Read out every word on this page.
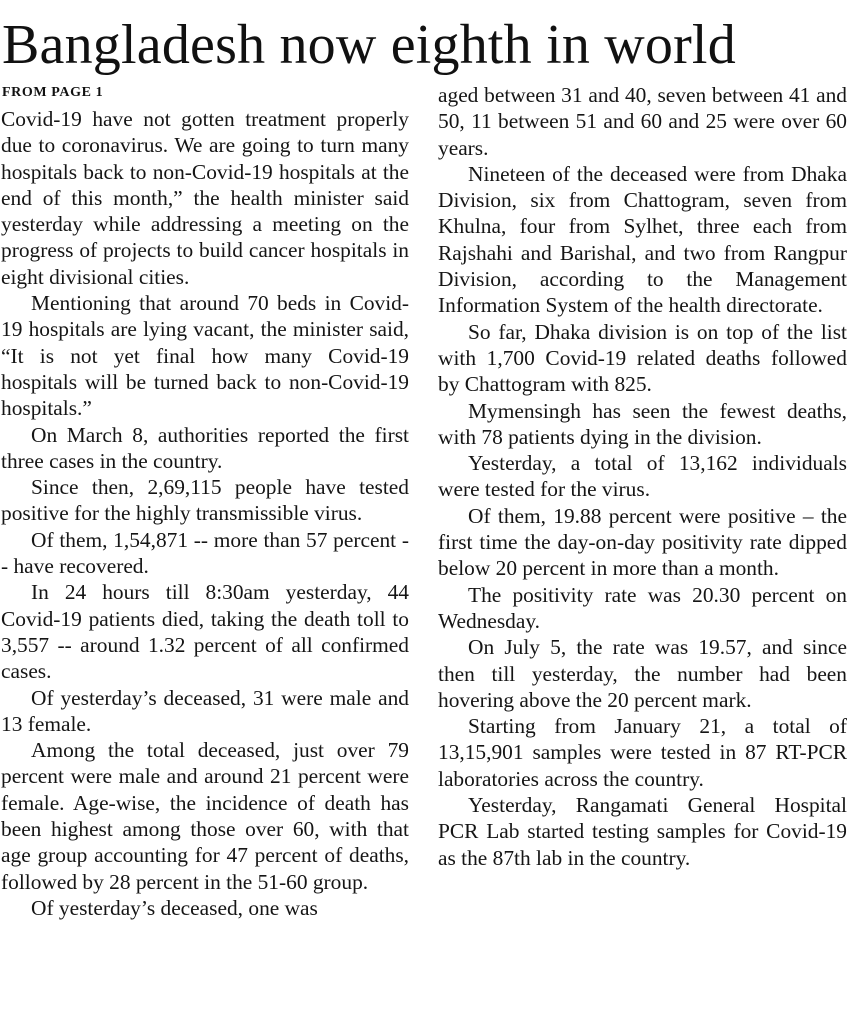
Bangladesh now eighth in world
FROM PAGE 1

Covid-19 have not gotten treatment properly due to coronavirus. We are going to turn many hospitals back to non-Covid-19 hospitals at the end of this month,” the health minister said yesterday while addressing a meeting on the progress of projects to build cancer hospitals in eight divisional cities.

Mentioning that around 70 beds in Covid-19 hospitals are lying vacant, the minister said, “It is not yet final how many Covid-19 hospitals will be turned back to non-Covid-19 hospitals.”

On March 8, authorities reported the first three cases in the country.

Since then, 2,69,115 people have tested positive for the highly transmissible virus.

Of them, 1,54,871 -- more than 57 percent -- have recovered.

In 24 hours till 8:30am yesterday, 44 Covid-19 patients died, taking the death toll to 3,557 -- around 1.32 percent of all confirmed cases.

Of yesterday’s deceased, 31 were male and 13 female.

Among the total deceased, just over 79 percent were male and around 21 percent were female. Age-wise, the incidence of death has been highest among those over 60, with that age group accounting for 47 percent of deaths, followed by 28 percent in the 51-60 group.

Of yesterday’s deceased, one was

aged between 31 and 40, seven between 41 and 50, 11 between 51 and 60 and 25 were over 60 years.

Nineteen of the deceased were from Dhaka Division, six from Chattogram, seven from Khulna, four from Sylhet, three each from Rajshahi and Barishal, and two from Rangpur Division, according to the Management Information System of the health directorate.

So far, Dhaka division is on top of the list with 1,700 Covid-19 related deaths followed by Chattogram with 825.

Mymensingh has seen the fewest deaths, with 78 patients dying in the division.

Yesterday, a total of 13,162 individuals were tested for the virus.

Of them, 19.88 percent were positive – the first time the day-on-day positivity rate dipped below 20 percent in more than a month.

The positivity rate was 20.30 percent on Wednesday.

On July 5, the rate was 19.57, and since then till yesterday, the number had been hovering above the 20 percent mark.

Starting from January 21, a total of 13,15,901 samples were tested in 87 RT-PCR laboratories across the country.

Yesterday, Rangamati General Hospital PCR Lab started testing samples for Covid-19 as the 87th lab in the country.
